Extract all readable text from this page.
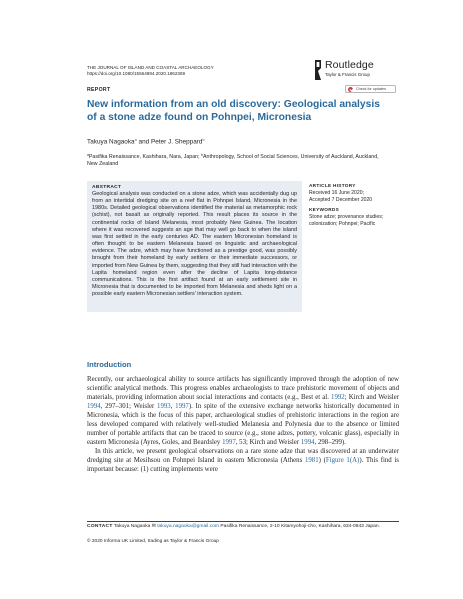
THE JOURNAL OF ISLAND AND COASTAL ARCHAEOLOGY
https://doi.org/10.1080/15564894.2020.1862369
Routledge
Taylor & Francis Group
REPORT	Check for updates
New information from an old discovery: Geological analysis of a stone adze found on Pohnpei, Micronesia
Takuya Nagaoka$^a$ and Peter J. Sheppard$^b$
$^a$Pasifika Renaissance, Kashihara, Nara, Japan; $^b$Anthropology, School of Social Sciences, University of Auckland, Auckland, New Zealand
ABSTRACT
Geological analysis was conducted on a stone adze, which was accidentally dug up from an intertidal dredging site on a reef flat in Pohnpei Island, Micronesia in the 1980s. Detailed geological observations identified the material as metamorphic rock (schist), not basalt as originally reported. This result places its source in the continental rocks of Island Melanesia, most probably New Guinea. The location where it was recovered suggests an age that may well go back to when the island was first settled in the early centuries AD. The eastern Micronesian homeland is often thought to be eastern Melanesia based on linguistic and archaeological evidence. The adze, which may have functioned as a prestige good, was possibly brought from their homeland by early settlers or their immediate successors, or imported from New Guinea by them, suggesting that they still had interaction with the Lapita homeland region even after the decline of Lapita long-distance communications. This is the first artifact found at an early settlement site in Micronesia that is documented to be imported from Melanesia and sheds light on a possible early eastern Micronesian settlers' interaction system.
ARTICLE HISTORY
Received 16 June 2020;
Accepted 7 December 2020
KEYWORDS
Stone adze; provenance studies; colonization; Pohnpei; Pacific
Introduction

Recently, our archaeological ability to source artifacts has significantly improved through the adoption of new scientific analytical methods. This progress enables archaeologists to trace prehistoric movement of objects and materials, providing information about social interactions and contacts (e.g., Best et al. 1992; Kirch and Weisler 1994, 297–301; Weisler 1993, 1997). In spite of the extensive exchange networks historically documented in Micronesia, which is the focus of this paper, archaeological studies of prehistoric interactions in the region are less developed compared with relatively well-studied Melanesia and Polynesia due to the absence or limited number of portable artifacts that can be traced to source (e.g., stone adzes, pottery, volcanic glass), especially in eastern Micronesia (Ayres, Goles, and Beardsley 1997, 53; Kirch and Weisler 1994, 298–299).

In this article, we present geological observations on a rare stone adze that was discovered at an underwater dredging site at Mesihsou on Pohnpei Island in eastern Micronesia (Athens 1981) (Figure 1(A)). This find is important because: (1) cutting implements were

CONTACT Takuya Nagaoka ✉ takuya.nagaoka@gmail.com Pasifika Renaissance, 2-10 Kitamyohoji-cho, Kashihara, 634-0843 Japan.
© 2020 Informa UK Limited, trading as Taylor & Francis Group
